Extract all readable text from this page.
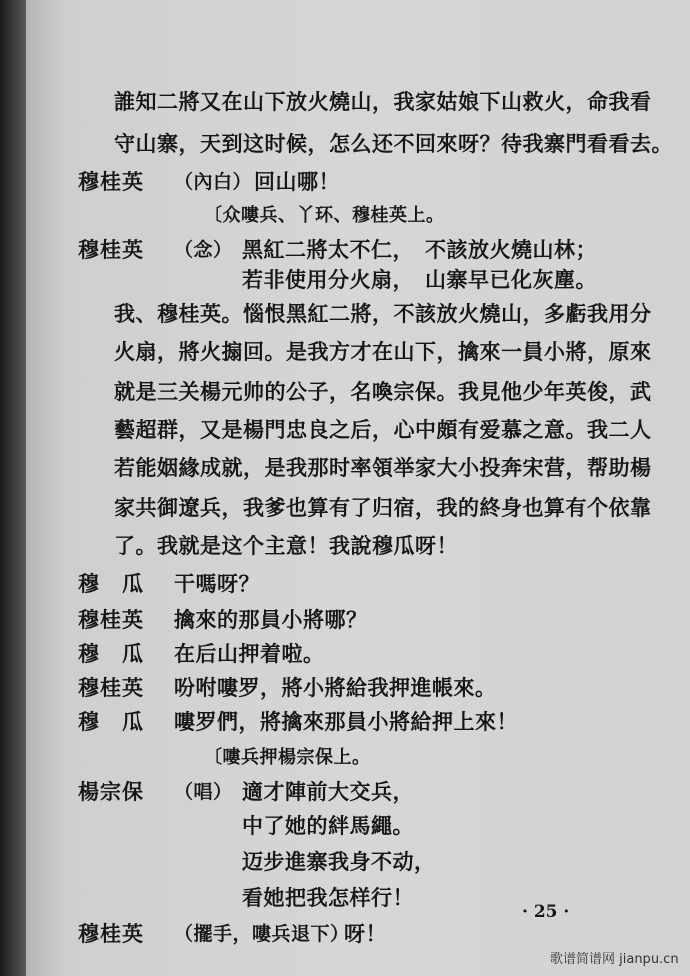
誰知二將又在山下放火燒山，我家姑娘下山救火，命我看
守山寨，天到这时候，怎么还不回來呀？待我寨門看看去。
穆桂英 （內白） 回山哪！
〔众嘍兵、丫环、穆桂英上。
穆桂英 （念） 黑紅二將太不仁，　不該放火燒山林；
若非使用分火扇，　山寨早已化灰塵。
我、穆桂英。惱恨黑紅二將，不該放火燒山，多虧我用分
火扇，將火搧回。是我方才在山下，擒來一員小將，原來
就是三关楊元帅的公子，名喚宗保。我見他少年英俊，武
藝超群，又是楊門忠良之后，心中頗有爱慕之意。我二人
若能姻緣成就，是我那时率領举家大小投奔宋营，帮助楊
家共御遼兵，我爹也算有了归宿，我的終身也算有个依靠
了。我就是这个主意！我說穆瓜呀！
穆　瓜 干嗎呀？
穆桂英 擒來的那員小將哪？
穆　瓜 在后山押着啦。
穆桂英 吩咐嘍罗，將小將給我押進帳來。
穆　瓜 嘍罗們，將擒來那員小將給押上來！
〔嘍兵押楊宗保上。
楊宗保 （唱） 適才陣前大交兵，
中了她的絆馬繩。
迈步進寨我身不动，
看她把我怎样行！
穆桂英 （擺手，嘍兵退下）
呀！
· 25 ·
歌谱简谱网 jianpu.cn
